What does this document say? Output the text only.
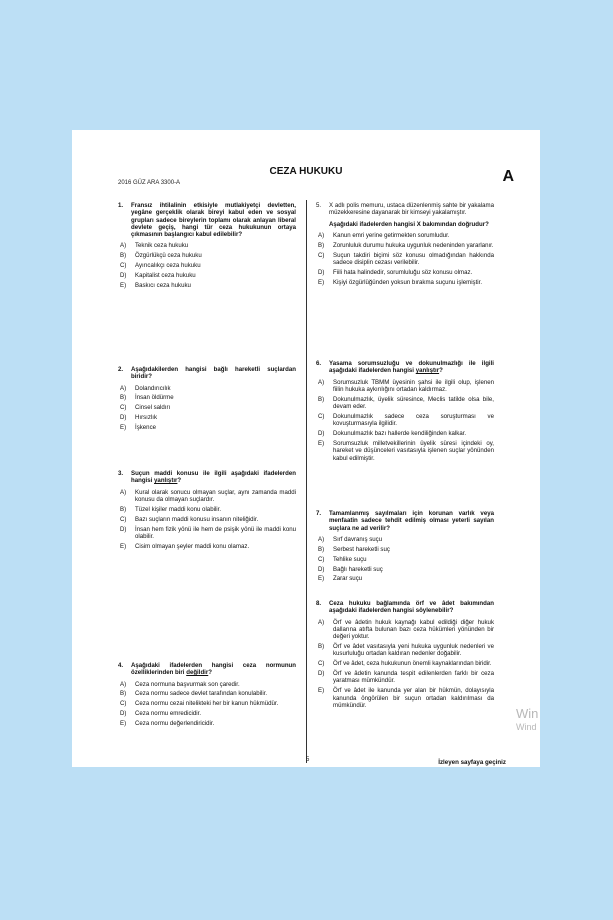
CEZA HUKUKU
2016 GÜZ ARA 3300-A	A
1.	Fransız ihtilalinin etkisiyle mutlakiyetçi devletten, yegâne gerçeklik olarak bireyi kabul eden ve sosyal grupları sadece bireylerin toplamı olarak anlayan liberal devlete geçiş, hangi tür ceza hukukunun ortaya çıkmasının başlangıcı kabul edilebilir?
A)	Teknik ceza hukuku
B)	Özgürlükçü ceza hukuku
C)	Ayırıcalıkçı ceza hukuku
D)	Kapitalist ceza hukuku
E)	Baskıcı ceza hukuku
2.	Aşağıdakilerden hangisi bağlı hareketli suçlardan biridir?
A)	Dolandırıcılık
B)	İnsan öldürme
C)	Cinsel saldırı
D)	Hırsızlık
E)	İşkence
3.	Suçun maddi konusu ile ilgili aşağıdaki ifadelerden hangisi yanlıştır?
A)	Kural olarak sonucu olmayan suçlar, aynı zamanda maddi konusu da olmayan suçlardır.
B)	Tüzel kişiler maddi konu olabilir.
C)	Bazı suçların maddi konusu insanın niteliğidir.
D)	İnsan hem fizik yönü ile hem de psişik yönü ile maddi konu olabilir.
E)	Cisim olmayan şeyler maddi konu olamaz.
4.	Aşağıdaki ifadelerden hangisi ceza normunun özelliklerinden biri değildir?
A)	Ceza normuna başvurmak son çaredir.
B)	Ceza normu sadece devlet tarafından konulabilir.
C)	Ceza normu cezai nitelikteki her bir kanun hükmüdür.
D)	Ceza normu emredicidir.
E)	Ceza normu değerlendiricidir.
5.	X adlı polis memuru, ustaca düzenlenmiş sahte bir yakalama müzekkeresine dayanarak bir kimseyi yakalamıştır.
Aşağıdaki ifadelerden hangisi X bakımından doğrudur?
A)	Kanun emri yerine getirmekten sorumludur.
B)	Zorunluluk durumu hukuka uygunluk nedeninden yararlanır.
C)	Suçun takdiri biçimi söz konusu olmadığından hakkında sadece disiplin cezası verilebilir.
D)	Fiili hata halindedir, sorumluluğu söz konusu olmaz.
E)	Kişiyi özgürlüğünden yoksun bırakma suçunu işlemiştir.
6.	Yasama sorumsuzluğu ve dokunulmazlığı ile ilgili aşağıdaki ifadelerden hangisi yanlıştır?
A)	Sorumsuzluk TBMM üyesinin şahsi ile ilgili olup, işlenen fiilin hukuka aykırılığını ortadan kaldırmaz.
B)	Dokunulmazlık, üyelik süresince, Meclis tatilde olsa bile, devam eder.
C)	Dokunulmazlık sadece ceza soruşturması ve kovuşturmasıyla ilgilidir.
D)	Dokunulmazlık bazı hallerde kendiliğinden kalkar.
E)	Sorumsuzluk milletvekillerinin üyelik süresi içindeki oy, hareket ve düşünceleri vasıtasıyla işlenen suçlar yönünden kabul edilmiştir.
7.	Tamamlanmış sayılmaları için korunan varlık veya menfaatin sadece tehdit edilmiş olması yeterli sayılan suçlara ne ad verilir?
A)	Sırf davranış suçu
B)	Serbest hareketli suç
C)	Tehlike suçu
D)	Bağlı hareketli suç
E)	Zarar suçu
8.	Ceza hukuku bağlamında örf ve âdet bakımından aşağıdaki ifadelerden hangisi söylenebilir?
A)	Örf ve âdetin hukuk kaynağı kabul edildiği diğer hukuk dallarına atıfta bulunan bazı ceza hükümleri yönünden bir değeri yoktur.
B)	Örf ve âdet vasıtasıyla yeni hukuka uygunluk nedenleri ve kusurluluğu ortadan kaldıran nedenler doğabilir.
C)	Örf ve âdet, ceza hukukunun önemli kaynaklarından biridir.
D)	Örf ve âdetin kanunda tespit edilenlerden farklı bir ceza yaratması mümkündür.
E)	Örf ve âdet ile kanunda yer alan bir hükmün, dolayısıyla kanunda öngörülen bir suçun ortadan kaldırılması da mümkündür.
5	İzleyen sayfaya geçiniz
Win
Wind
